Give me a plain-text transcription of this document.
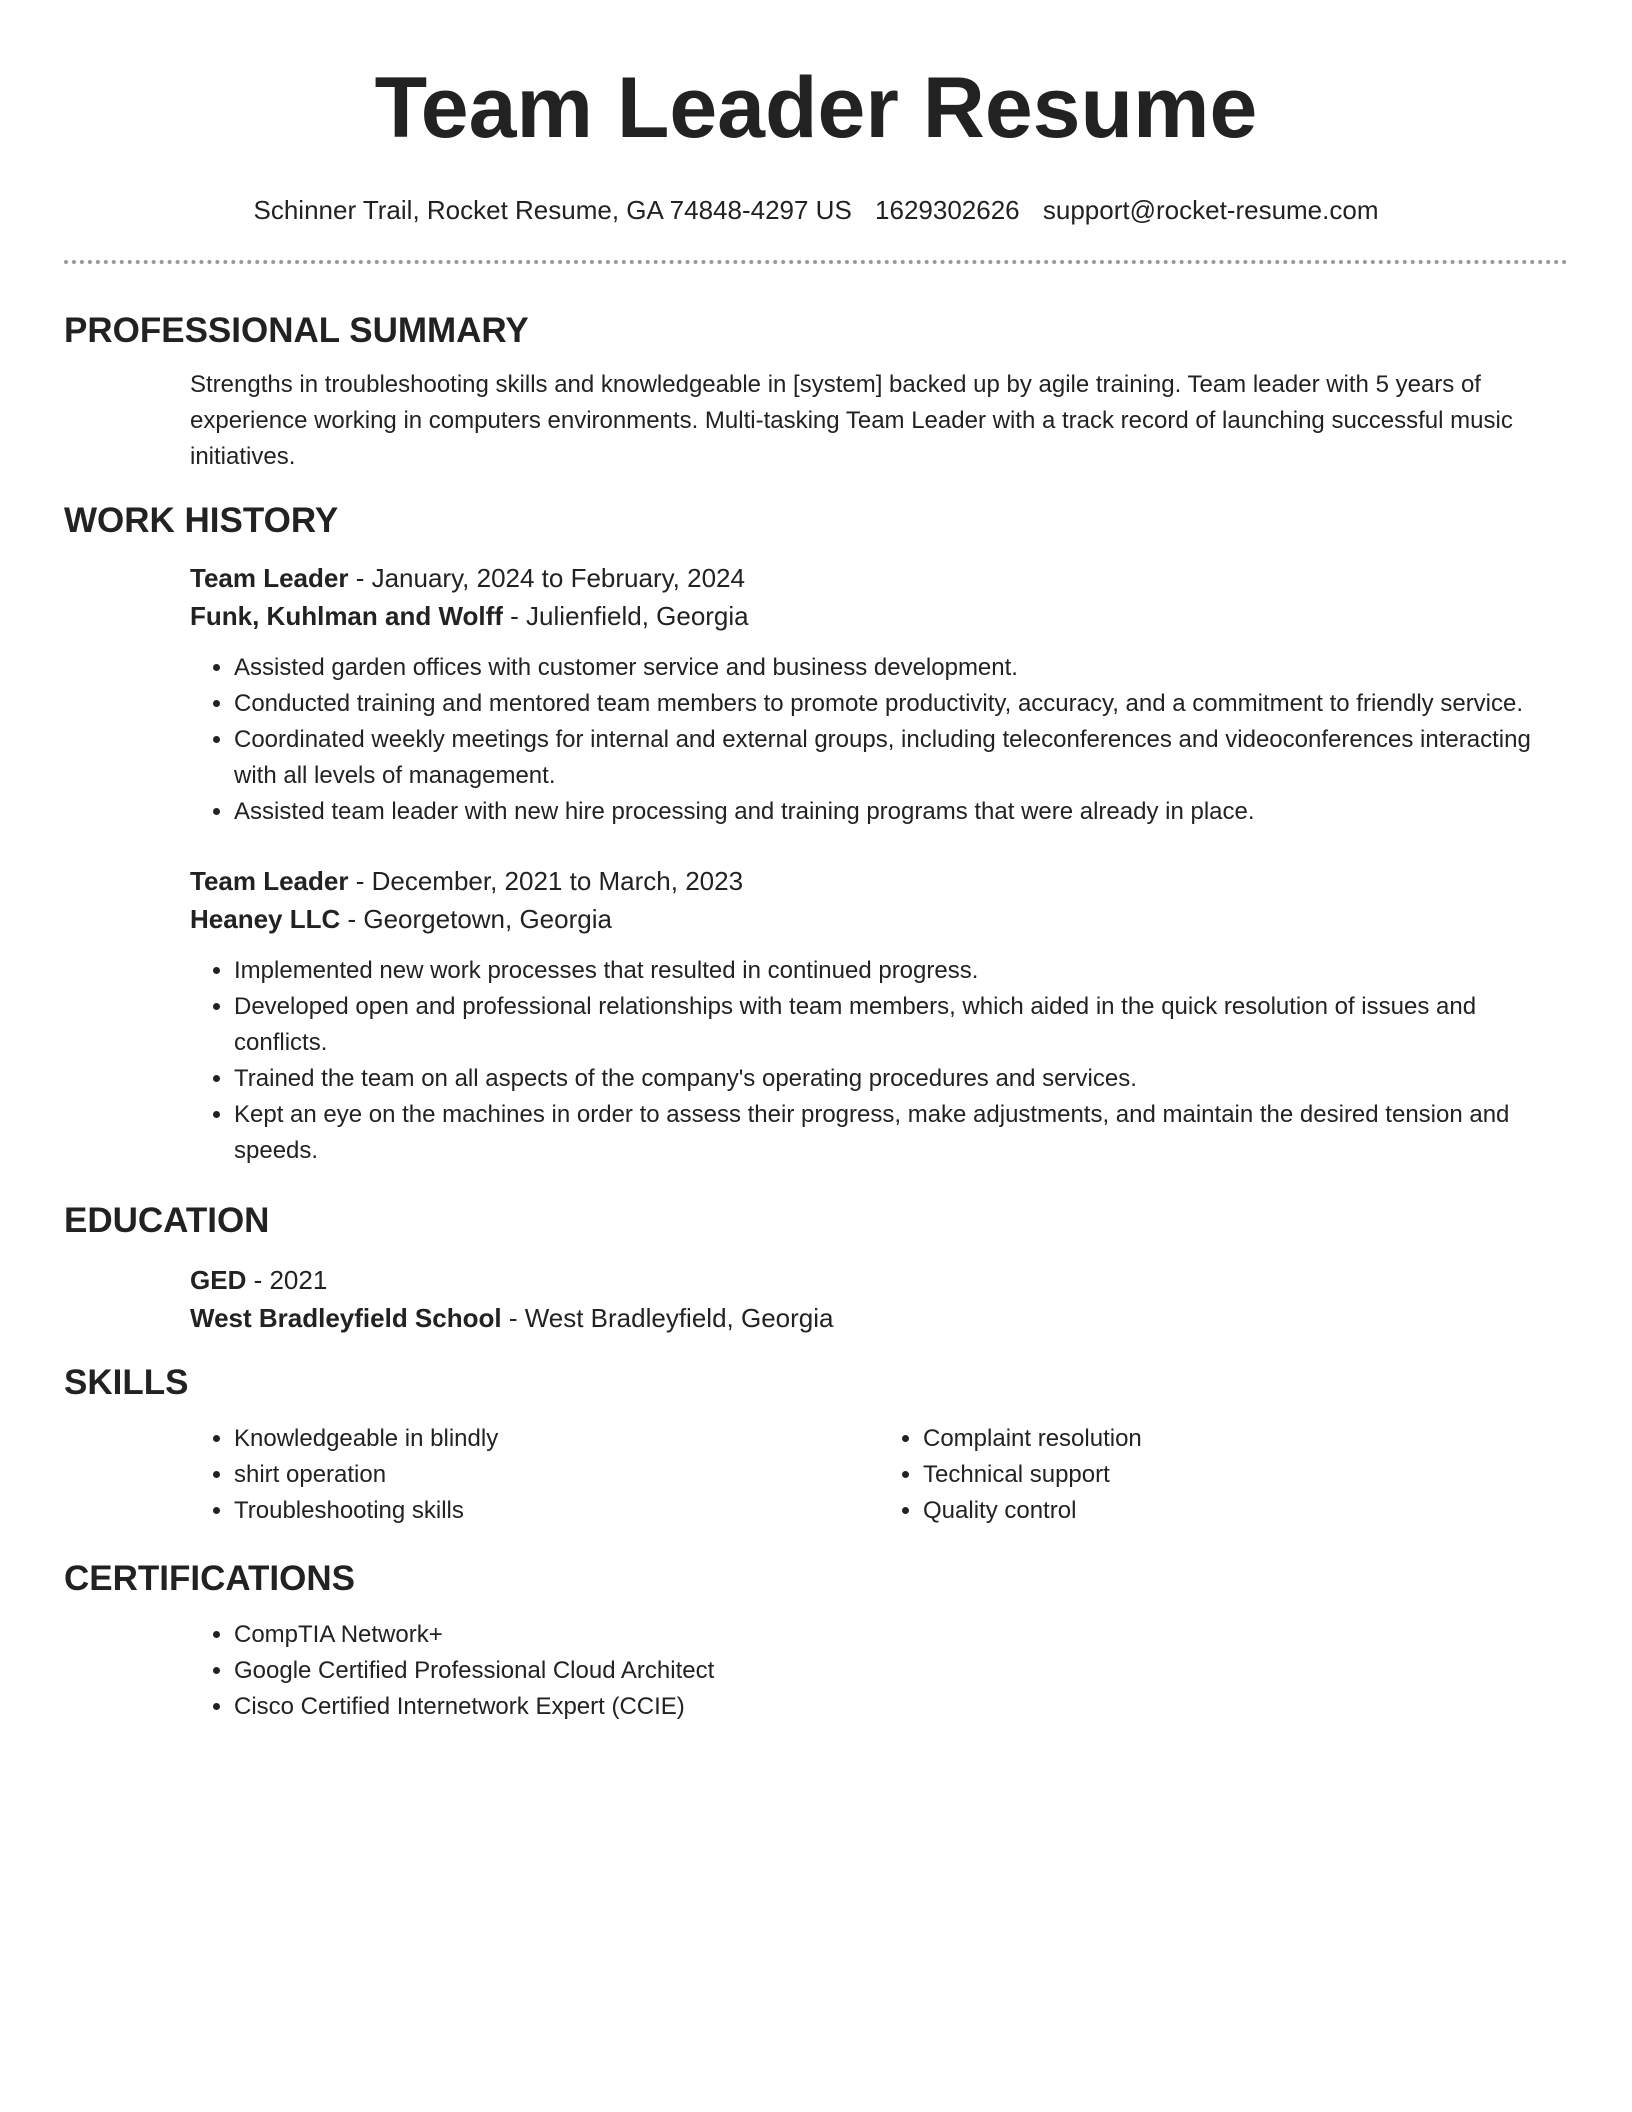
Team Leader Resume
Schinner Trail, Rocket Resume, GA 74848-4297 US 1629302626 support@rocket-resume.com
PROFESSIONAL SUMMARY
Strengths in troubleshooting skills and knowledgeable in [system] backed up by agile training. Team leader with 5 years of experience working in computers environments. Multi-tasking Team Leader with a track record of launching successful music initiatives.
WORK HISTORY
Team Leader - January, 2024 to February, 2024
Funk, Kuhlman and Wolff - Julienfield, Georgia
• Assisted garden offices with customer service and business development.
• Conducted training and mentored team members to promote productivity, accuracy, and a commitment to friendly service.
• Coordinated weekly meetings for internal and external groups, including teleconferences and videoconferences interacting with all levels of management.
• Assisted team leader with new hire processing and training programs that were already in place.
Team Leader - December, 2021 to March, 2023
Heaney LLC - Georgetown, Georgia
• Implemented new work processes that resulted in continued progress.
• Developed open and professional relationships with team members, which aided in the quick resolution of issues and conflicts.
• Trained the team on all aspects of the company's operating procedures and services.
• Kept an eye on the machines in order to assess their progress, make adjustments, and maintain the desired tension and speeds.
EDUCATION
GED - 2021
West Bradleyfield School - West Bradleyfield, Georgia
SKILLS
• Knowledgeable in blindly
• shirt operation
• Troubleshooting skills
• Complaint resolution
• Technical support
• Quality control
CERTIFICATIONS
• CompTIA Network+
• Google Certified Professional Cloud Architect
• Cisco Certified Internetwork Expert (CCIE)
